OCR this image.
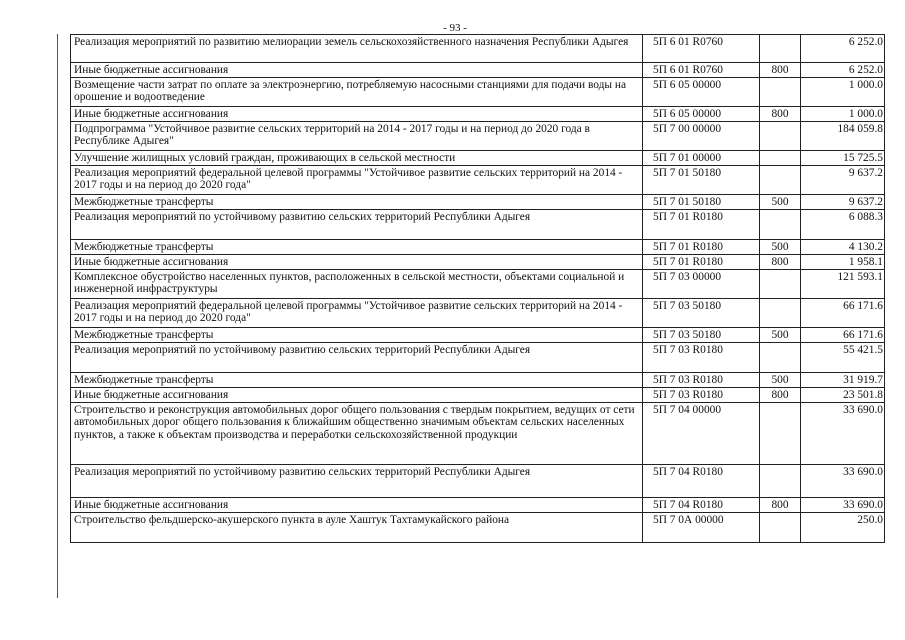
- 93 -
Реализация мероприятий по развитию мелиорации земель сельскохозяйственного назначения Республики Адыгея	5П 6 01 R0760		6 252.0
Иные бюджетные ассигнования	5П 6 01 R0760	800	6 252.0
Возмещение части затрат по оплате за электроэнергию, потребляемую насосными станциями для подачи воды на орошение и водоотведение	5П 6 05 00000		1 000.0
Иные бюджетные ассигнования	5П 6 05 00000	800	1 000.0
Подпрограмма "Устойчивое развитие сельских территорий на 2014 - 2017 годы и на период до 2020 года в Республике Адыгея"	5П 7 00 00000		184 059.8
Улучшение жилищных условий граждан, проживающих в сельской местности	5П 7 01 00000		15 725.5
Реализация мероприятий федеральной целевой программы "Устойчивое развитие сельских территорий на 2014 - 2017 годы и на период до 2020 года"	5П 7 01 50180		9 637.2
Межбюджетные трансферты	5П 7 01 50180	500	9 637.2
Реализация мероприятий по устойчивому развитию сельских территорий Республики Адыгея	5П 7 01 R0180		6 088.3
Межбюджетные трансферты	5П 7 01 R0180	500	4 130.2
Иные бюджетные ассигнования	5П 7 01 R0180	800	1 958.1
Комплексное обустройство населенных пунктов, расположенных в сельской местности, объектами социальной и инженерной инфраструктуры	5П 7 03 00000		121 593.1
Реализация мероприятий федеральной целевой программы "Устойчивое развитие сельских территорий на 2014 - 2017 годы и на период до 2020 года"	5П 7 03 50180		66 171.6
Межбюджетные трансферты	5П 7 03 50180	500	66 171.6
Реализация мероприятий по устойчивому развитию сельских территорий Республики Адыгея	5П 7 03 R0180		55 421.5
Межбюджетные трансферты	5П 7 03 R0180	500	31 919.7
Иные бюджетные ассигнования	5П 7 03 R0180	800	23 501.8
Строительство и реконструкция автомобильных дорог общего пользования с твердым покрытием, ведущих от сети автомобильных дорог общего пользования к ближайшим общественно значимым объектам сельских населенных пунктов, а также к объектам производства и переработки сельскохозяйственной продукции	5П 7 04 00000		33 690.0
Реализация мероприятий по устойчивому развитию сельских территорий Республики Адыгея	5П 7 04 R0180		33 690.0
Иные бюджетные ассигнования	5П 7 04 R0180	800	33 690.0
Строительство фельдшерско-акушерского пункта в ауле Хаштук Тахтамукайского района	5П 7 0А 00000		250.0
